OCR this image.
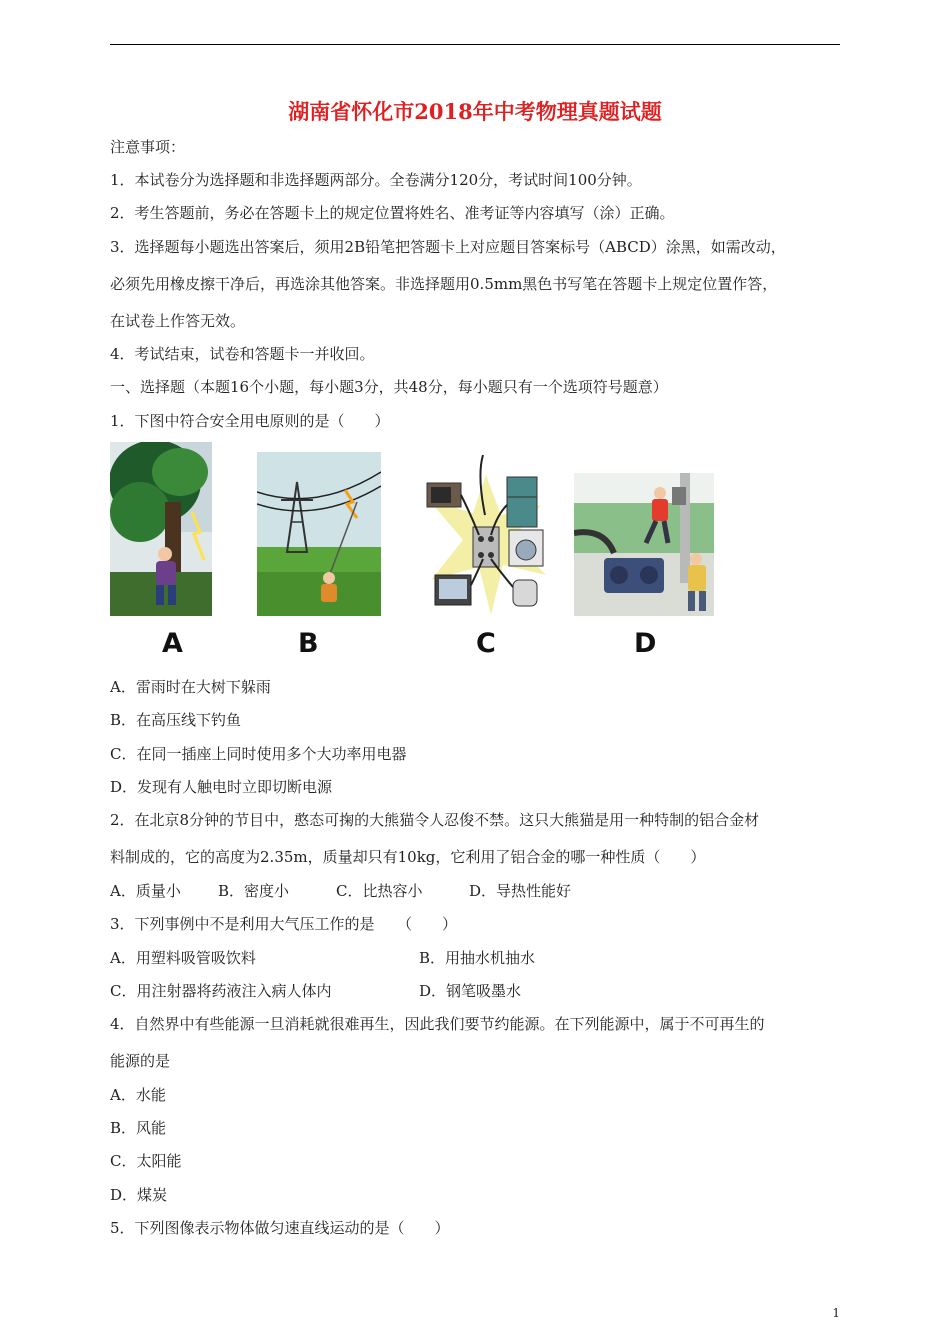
湖南省怀化市2018年中考物理真题试题
注意事项：
1．本试卷分为选择题和非选择题两部分。全卷满分120分，考试时间100分钟。
2．考生答题前，务必在答题卡上的规定位置将姓名、准考证等内容填写（涂）正确。
3．选择题每小题选出答案后，须用2B铅笔把答题卡上对应题目答案标号（ABCD）涂黑，如需改动，
必须先用橡皮擦干净后，再选涂其他答案。非选择题用0.5mm黑色书写笔在答题卡上规定位置作答，
在试卷上作答无效。
4．考试结束，试卷和答题卡一并收回。
一、选择题（本题16个小题，每小题3分，共48分，每小题只有一个选项符号题意）
1．下图中符合安全用电原则的是（　　）
A	B	C	D
A．雷雨时在大树下躲雨
B．在高压线下钓鱼
C．在同一插座上同时使用多个大功率用电器
D．发现有人触电时立即切断电源
2．在北京8分钟的节目中，憨态可掬的大熊猫令人忍俊不禁。这只大熊猫是用一种特制的铝合金材
料制成的，它的高度为2.35m，质量却只有10kg，它利用了铝合金的哪一种性质（　　）
A．质量小 B．密度小	C．比热容小	D．导热性能好
3．下列事例中不是利用大气压工作的是　　（　　）
A．用塑料吸管吸饮料	B．用抽水机抽水
C．用注射器将药液注入病人体内	D．钢笔吸墨水
4．自然界中有些能源一旦消耗就很难再生，因此我们要节约能源。在下列能源中，属于不可再生的
能源的是
A．水能
B．风能
C．太阳能
D．煤炭
5．下列图像表示物体做匀速直线运动的是（　　）
1
